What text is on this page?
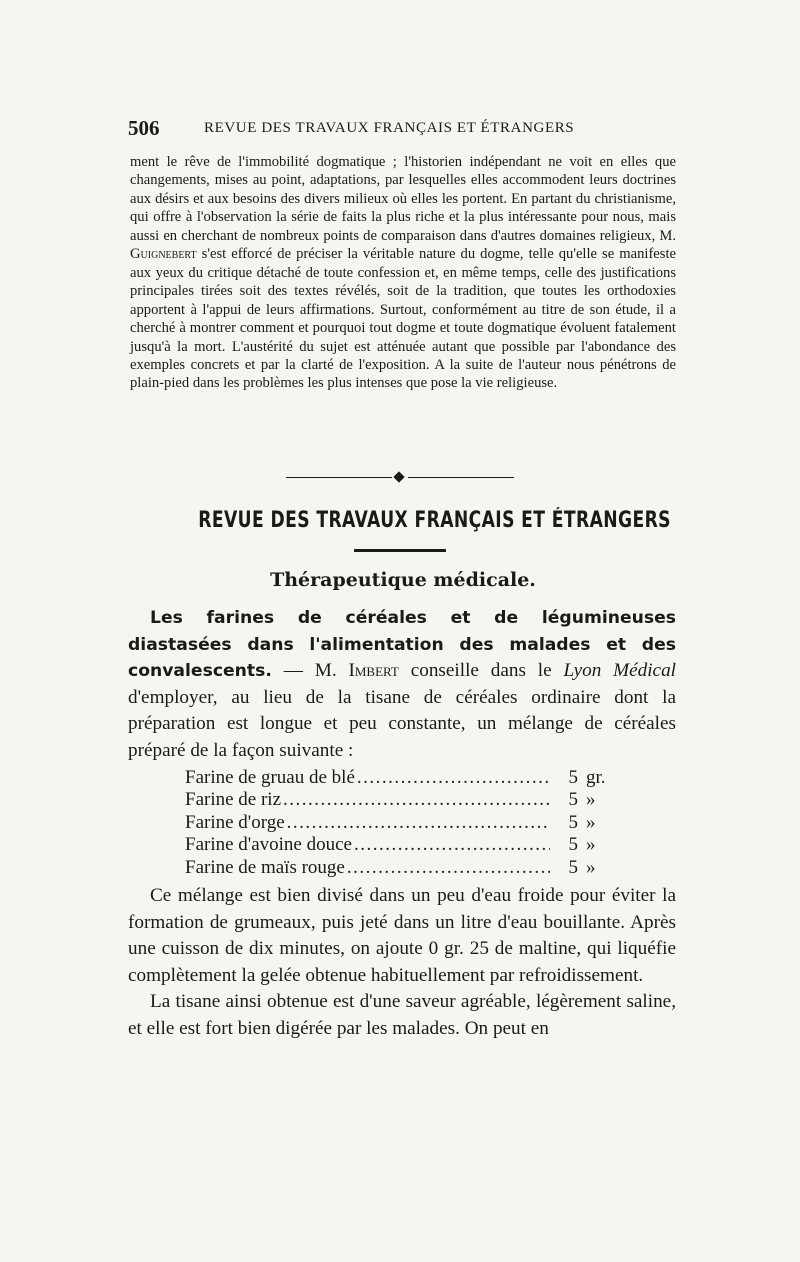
506	REVUE DES TRAVAUX FRANÇAIS ET ÉTRANGERS

ment le rêve de l'immobilité dogmatique ; l'historien indépendant ne voit en elles que changements, mises au point, adaptations, par lesquelles elles accommodent leurs doctrines aux désirs et aux besoins des divers milieux où elles les portent. En partant du christianisme, qui offre à l'observation la série de faits la plus riche et la plus intéressante pour nous, mais aussi en cherchant de nombreux points de comparaison dans d'autres domaines religieux, M. Guignebert s'est efforcé de préciser la véritable nature du dogme, telle qu'elle se manifeste aux yeux du critique détaché de toute confession et, en même temps, celle des justifications principales tirées soit des textes révélés, soit de la tradition, que toutes les orthodoxies apportent à l'appui de leurs affirmations. Surtout, conformément au titre de son étude, il a cherché à montrer comment et pourquoi tout dogme et toute dogmatique évoluent fatalement jusqu'à la mort. L'austérité du sujet est atténuée autant que possible par l'abondance des exemples concrets et par la clarté de l'exposition. A la suite de l'auteur nous pénétrons de plain-pied dans les problèmes les plus intenses que pose la vie religieuse.

REVUE DES TRAVAUX FRANÇAIS ET ÉTRANGERS
Thérapeutique médicale.

Les farines de céréales et de légumineuses diastasées dans l'alimentation des malades et des convalescents. — M. Imbert conseille dans le Lyon Médical d'employer, au lieu de la tisane de céréales ordinaire dont la préparation est longue et peu constante, un mélange de céréales préparé de la façon suivante :

Farine de gruau de blé .....	5 gr.
Farine de riz .....	5 »
Farine d'orge .....	5 »
Farine d'avoine douce .....	5 »
Farine de maïs rouge .....	5 »

Ce mélange est bien divisé dans un peu d'eau froide pour éviter la formation de grumeaux, puis jeté dans un litre d'eau bouillante. Après une cuisson de dix minutes, on ajoute 0 gr. 25 de maltine, qui liquéfie complètement la gelée obtenue habituellement par refroidissement.

La tisane ainsi obtenue est d'une saveur agréable, légèrement saline, et elle est fort bien digérée par les malades. On peut en
